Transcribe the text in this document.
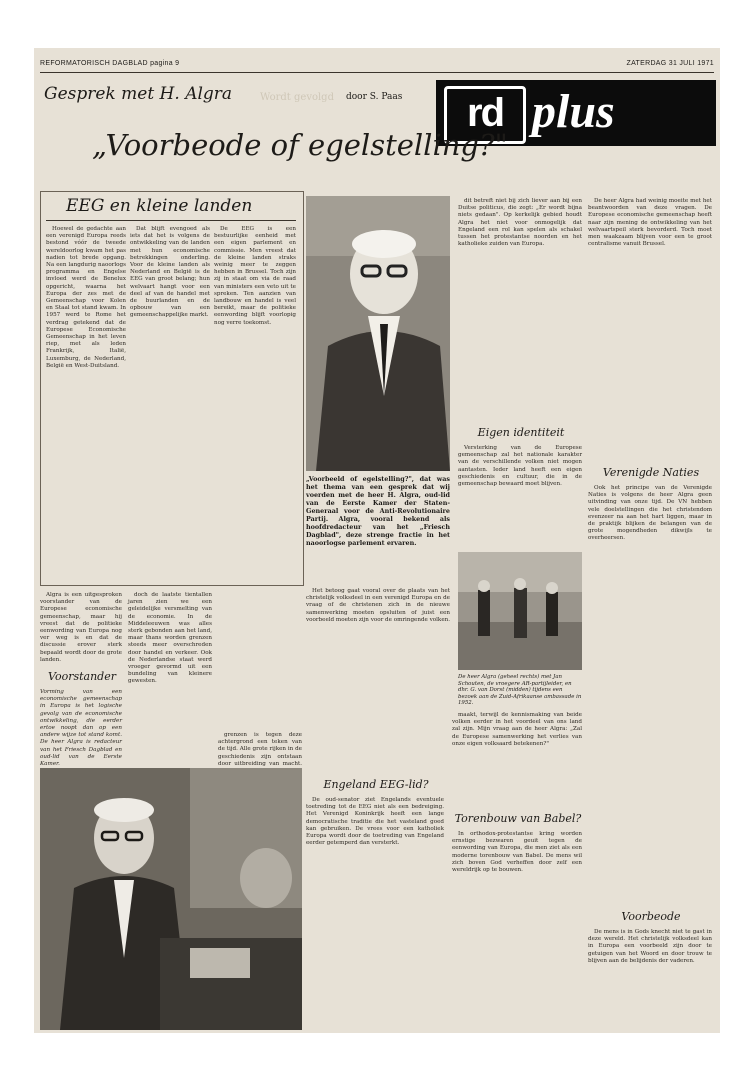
REFORMATORISCH DAGBLAD pagina 9	ZATERDAG 31 JULI 1971
Gesprek met H. Algra	Wordt gevolgd door S. Paas	rd plus
„Voorbeode of egelstelling?"
EEG en kleine landen

Hoewel de gedachte aan een verenigd Europa reeds bestond vóór de tweede wereldoorlog kwam het pas nadien tot brede opgang. Na een langdurig naoorlogs programma en Engelse invloed werd de Benelux opgericht, waarna het Europa der zes met de Gemeenschap voor Kolen en Staal tot stand kwam. In 1957 werd te Rome het verdrag getekend dat de Europese Economische Gemeenschap in het leven riep, met als leden Frankrijk, Italië, Luxemburg, de Nederland, België en West-Duitsland.

Dat blijft evengoed als iets dat het is volgens de ontwikkeling van de landen met hun economische betrekkingen onderling. Voor de kleine landen als Nederland en België is de EEG van groot belang; hun welvaart hangt voor een deel af van de handel met de buurlanden en de opbouw van een gemeenschappelijke markt.

De EEG is een bestuurlijke eenheid met een eigen parlement en commissie. Men vreest dat de kleine landen straks weinig meer te zeggen hebben in Brussel. Toch zijn zij in staat om via de raad van ministers een veto uit te spreken. Ten aanzien van landbouw en handel is veel bereikt, maar de politieke eenwording blijft voorlopig nog verre toekomst.

„Voorbeeld of egelstelling?", dat was het thema van een gesprek dat wij voerden met de heer H. Algra, oud-lid van de Eerste Kamer der Staten-Generaal voor de Anti-Revolutionaire Partij. Algra, vooral bekend als hoofdredacteur van het „Friesch Dagblad", deze strenge fractie in het naoorlogse parlement ervaren.

dit betreft niet bij zich liever aan bij een Duitse politicus, die zegt: „Er wordt bijna niets gedaan". Op kerkelijk gebied houdt Algra het niet voor onmogelijk dat Engeland een rol kan spelen als schakel tussen het protestantse noorden en het katholieke zuiden van Europa.

Eigen identiteit

Versterking van de Europese gemeenschap zal het nationale karakter van de verschillende volken niet mogen aantasten. Ieder land heeft een eigen geschiedenis en cultuur, die in de gemeenschap bewaard moet blijven.

De heer Algra (geheel rechts) met Jan Schouten, de vroegere AR-partijleider, en dhr. G. van Dorst (midden) tijdens een bezoek aan de Zuid-Afrikaanse ambassade in 1952.

De heer Algra had weinig moeite met het beantwoorden van deze vragen. De Europese economische gemeenschap heeft naar zijn mening de ontwikkeling van het welvaartspeil sterk bevorderd. Toch moet men waakzaam blijven voor een te groot centralisme vanuit Brussel.

Verenigde Naties

Ook het principe van de Verenigde Naties is volgens de heer Algra geen uitvinding van onze tijd. De VN hebben vele doelstellingen die het christendom evenzeer na aan het hart liggen, maar in de praktijk blijken de belangen van de grote mogendheden dikwijls te overheersen.

Voorbeode

De mens is in Gods knecht niet te gast in deze wereld. Het christelijk volksdeel kan in Europa een voorbeeld zijn door te getuigen van het Woord en door trouw te blijven aan de belijdenis der vaderen.

Het betoog gaat vooral over de plaats van het christelijk volksdeel in een verenigd Europa en de vraag of de christenen zich in de nieuwe samenwerking moeten opsluiten of juist een voorbeeld moeten zijn voor de omringende volken.

Algra is een uitgesproken voorstander van de Europese economische gemeenschap, maar hij vreest dat de politieke eenwording van Europa nog ver weg is en dat de discussie erover sterk bepaald wordt door de grote landen.

Voorstander

Vorming van een economische gemeenschap in Europa is het logische gevolg van de economische ontwikkeling, die eerder ertoe noopt dan op een andere wijze tot stand komt. De heer Algra is redacteur van het Friesch Dagblad en oud-lid van de Eerste Kamer.

doch de laatste tientallen jaren zien we een geleidelijke versmelting van de economie. In de Middeleeuwen was alles sterk gebonden aan het land, maar thans worden grenzen steeds meer overschreden door handel en verkeer. Ook de Nederlandse staat werd vroeger gevormd uit een bundeling van kleinere gewesten.

grenzen is tegen deze achtergrond een teken van de tijd. Alle grote rijken in de geschiedenis zijn ontstaan door uitbreiding van macht.

Engeland EEG-lid?

De oud-senator ziet Engelands eventuele toetreding tot de EEG niet als een bedreiging. Het Verenigd Koninkrijk heeft een lange democratische traditie die het vasteland goed kan gebruiken. De vrees voor een katholiek Europa wordt door de toetreding van Engeland eerder getemperd dan versterkt.

maakt, terwijl de kennismaking van beide volken eerder in het voordeel van ons land zal zijn. Mijn vraag aan de heer Algra: „Zal de Europese samenwerking het verlies van onze eigen volksaard betekenen?"

Torenbouw van Babel?

In orthodox-protestantse kring worden ernstige bezwaren geuit tegen de eenwording van Europa, die men ziet als een moderne torenbouw van Babel. De mens wil zich boven God verheffen door zelf een wereldrijk op te bouwen.
